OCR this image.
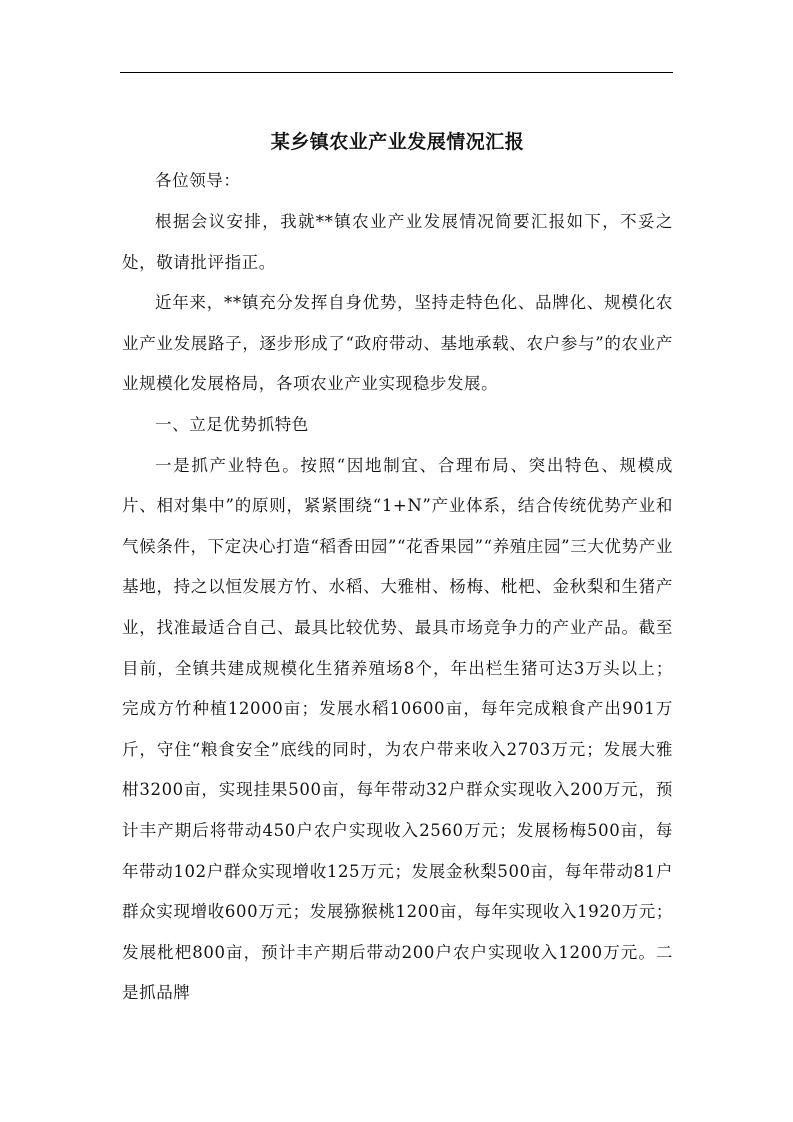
某乡镇农业产业发展情况汇报

各位领导：

根据会议安排，我就**镇农业产业发展情况简要汇报如下，不妥之处，敬请批评指正。

近年来，**镇充分发挥自身优势，坚持走特色化、品牌化、规模化农业产业发展路子，逐步形成了“政府带动、基地承载、农户参与”的农业产业规模化发展格局，各项农业产业实现稳步发展。

一、立足优势抓特色

一是抓产业特色。按照“因地制宜、合理布局、突出特色、规模成片、相对集中”的原则，紧紧围绕“1+N”产业体系，结合传统优势产业和气候条件，下定决心打造“稻香田园”“花香果园”“养殖庄园”三大优势产业基地，持之以恒发展方竹、水稻、大雅柑、杨梅、枇杷、金秋梨和生猪产业，找准最适合自己、最具比较优势、最具市场竞争力的产业产品。截至目前，全镇共建成规模化生猪养殖场8个，年出栏生猪可达3万头以上；完成方竹种植12000亩；发展水稻10600亩，每年完成粮食产出901万斤，守住“粮食安全”底线的同时，为农户带来收入2703万元；发展大雅柑3200亩，实现挂果500亩，每年带动32户群众实现收入200万元，预计丰产期后将带动450户农户实现收入2560万元；发展杨梅500亩，每年带动102户群众实现增收125万元；发展金秋梨500亩，每年带动81户群众实现增收600万元；发展猕猴桃1200亩，每年实现收入1920万元；发展枇杷800亩，预计丰产期后带动200户农户实现收入1200万元。二是抓品牌
